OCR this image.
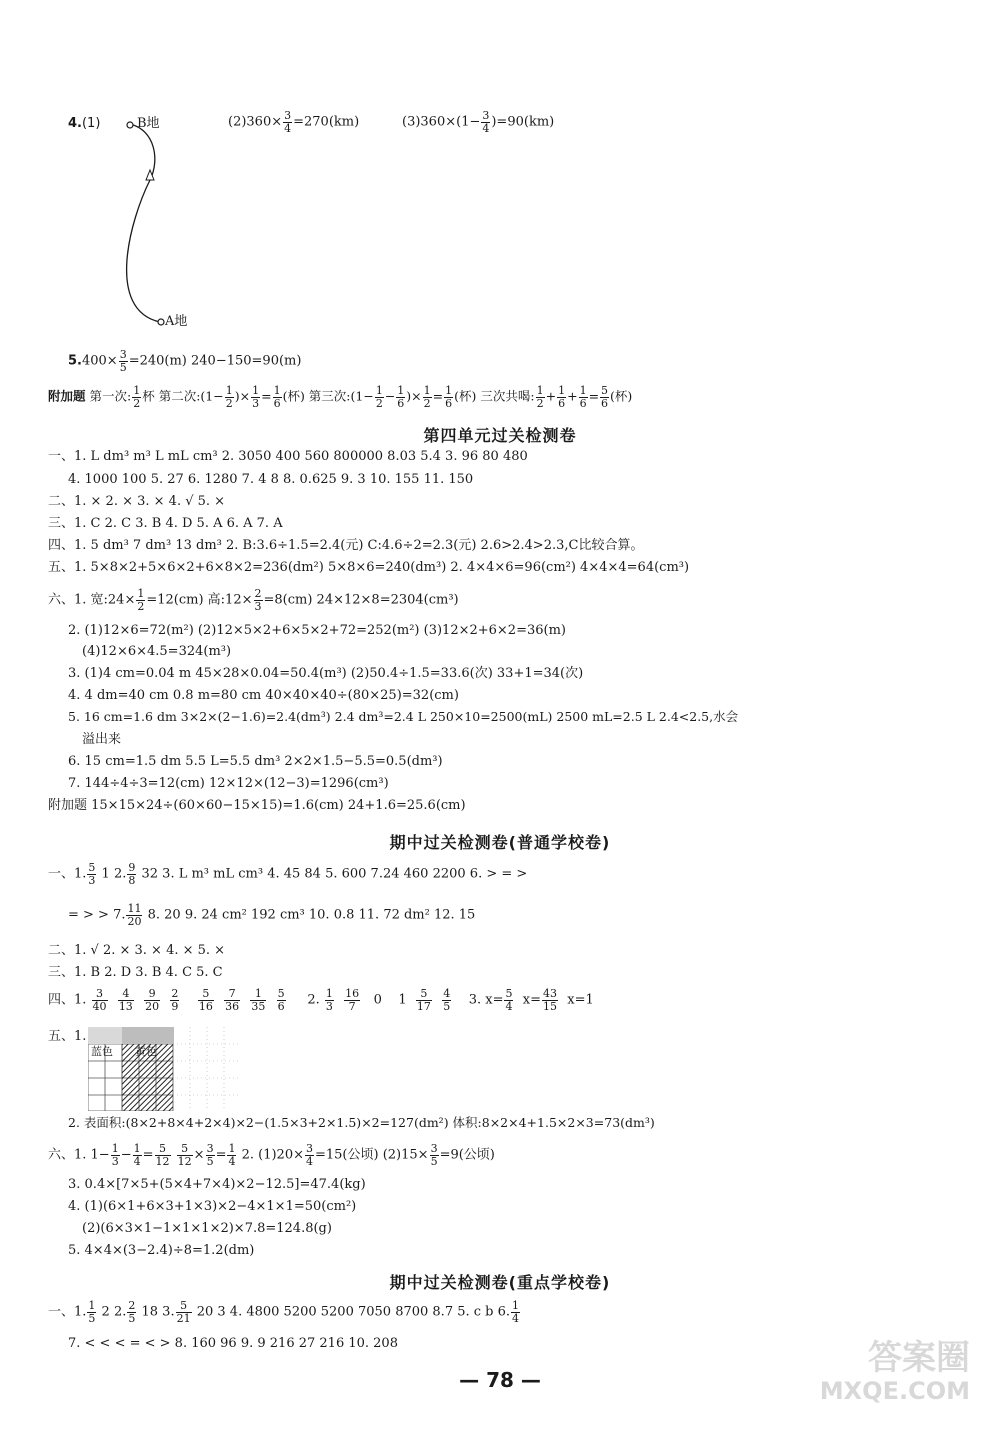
4.(1)	B地
A地
$(2)360\times \frac{3}{4} =270(km)$	$(3)360\times(1- \frac{3}{4} )=90(km)$
$5.400\times \frac{3}{5} =240(m)$ 240−150=90(m)
附加题 第一次: $\frac{1}{2}$ 杯 第二次:(1− $\frac{1}{2}$ )× $\frac{1}{3} = \frac{1}{6}$ (杯) 第三次:(1− $\frac{1}{2} - \frac{1}{6}$ )× $\frac{1}{2} = \frac{1}{6}$ (杯) 三次共喝: $\frac{1}{2} + \frac{1}{6} + \frac{1}{6} = \frac{5}{6}$ (杯)
第四单元过关检测卷
一、1. L dm³ m³ L mL cm³ 2. 3050 400 560 800000 8.03 5.4 3. 96 80 480
4. 1000 100 5. 27 6. 1280 7. 4 8 8. 0.625 9. 3 10. 155 11. 150
二、1. × 2. × 3. × 4. √ 5. ×
三、1. C 2. C 3. B 4. D 5. A 6. A 7. A
四、1. 5 dm³ 7 dm³ 13 dm³ 2. B:3.6÷1.5=2.4(元) C:4.6÷2=2.3(元) 2.6>2.4>2.3,C比较合算。
五、1. 5×8×2+5×6×2+6×8×2=236(dm²) 5×8×6=240(dm³) 2. 4×4×6=96(cm²) 4×4×4=64(cm³)
六、1. 宽:24× $\frac{1}{2} =12(cm)$ 高:12× $\frac{2}{3} =8(cm)$ 24×12×8=2304(cm³)
2. (1)12×6=72(m²) (2)12×5×2+6×5×2+72=252(m²) (3)12×2+6×2=36(m)
(4)12×6×4.5=324(m³)
3. (1)4 cm=0.04 m 45×28×0.04=50.4(m³) (2)50.4÷1.5=33.6(次) 33+1=34(次)
4. 4 dm=40 cm 0.8 m=80 cm 40×40×40÷(80×25)=32(cm)
5. 16 cm=1.6 dm 3×2×(2−1.6)=2.4(dm³) 2.4 dm³=2.4 L 250×10=2500(mL) 2500 mL=2.5 L 2.4<2.5,水会
溢出来
6. 15 cm=1.5 dm 5.5 L=5.5 dm³ 2×2×1.5−5.5=0.5(dm³)
7. 144÷4÷3=12(cm) 12×12×(12−3)=1296(cm³)
附加题 15×15×24÷(60×60−15×15)=1.6(cm) 24+1.6=25.6(cm)
期中过关检测卷(普通学校卷)
一、1. $\frac{5}{3} 1$ 2. $\frac{9}{8} 32$ 3. L m³ mL cm³ 4. 45 84 5. 600 7.24 460 2200 6. > = >
= > > 7. $\frac{11}{20} 8$. 20 9. 24 cm² 192 cm³ 10. 0.8 11. 72 dm² 12. 15
二、1. √ 2. × 3. × 4. × 5. ×
三、1. B 2. D 3. B 4. C 5. C
四、1. $\frac{3}{40}$
$\frac{4}{13}$
$\frac{9}{20}$
$\frac{2}{9}$
$\frac{5}{16}$
$\frac{7}{36}$
$\frac{1}{35}$
$\frac{5}{6} 2$. $\frac{1}{3}$
$\frac{16}{7} 0$ $1 \frac{5}{17}$
$\frac{4}{5} 3$. $x= \frac{5}{4} x= \frac{43}{15} x=1$
五、1.
蓝色 黄色
2. 表面积:(8×2+8×4+2×4)×2−(1.5×3+2×1.5)×2=127(dm²) 体积:8×2×4+1.5×2×3=73(dm³)
六、1. $1- \frac{1}{3} - \frac{1}{4} = \frac{5}{12}$
$\frac{5}{12} \times \frac{3}{5} = \frac{1}{4} 2$. $(1)20\times \frac{3}{4} =15$(公顷) $(2)15\times \frac{3}{5} =9$(公顷)
3. 0.4×[7×5+(5×4+7×4)×2−12.5]=47.4(kg)
4. (1)(6×1+6×3+1×3)×2−4×1×1=50(cm²)
(2)(6×3×1−1×1×1×2)×7.8=124.8(g)
5. 4×4×(3−2.4)÷8=1.2(dm)
期中过关检测卷(重点学校卷)
一、1. $\frac{1}{5} 2$ 2. $\frac{2}{5} 18$ 3. $\frac{5}{21} 20$ 3 4. 4800 5200 5200 7050 8700 8.7 5. c b 6. $\frac{1}{4}$
7. < < < = < > 8. 160 96 9. 9 216 27 216 10. 208
— 78 —
答案圈
MXQE.COM
